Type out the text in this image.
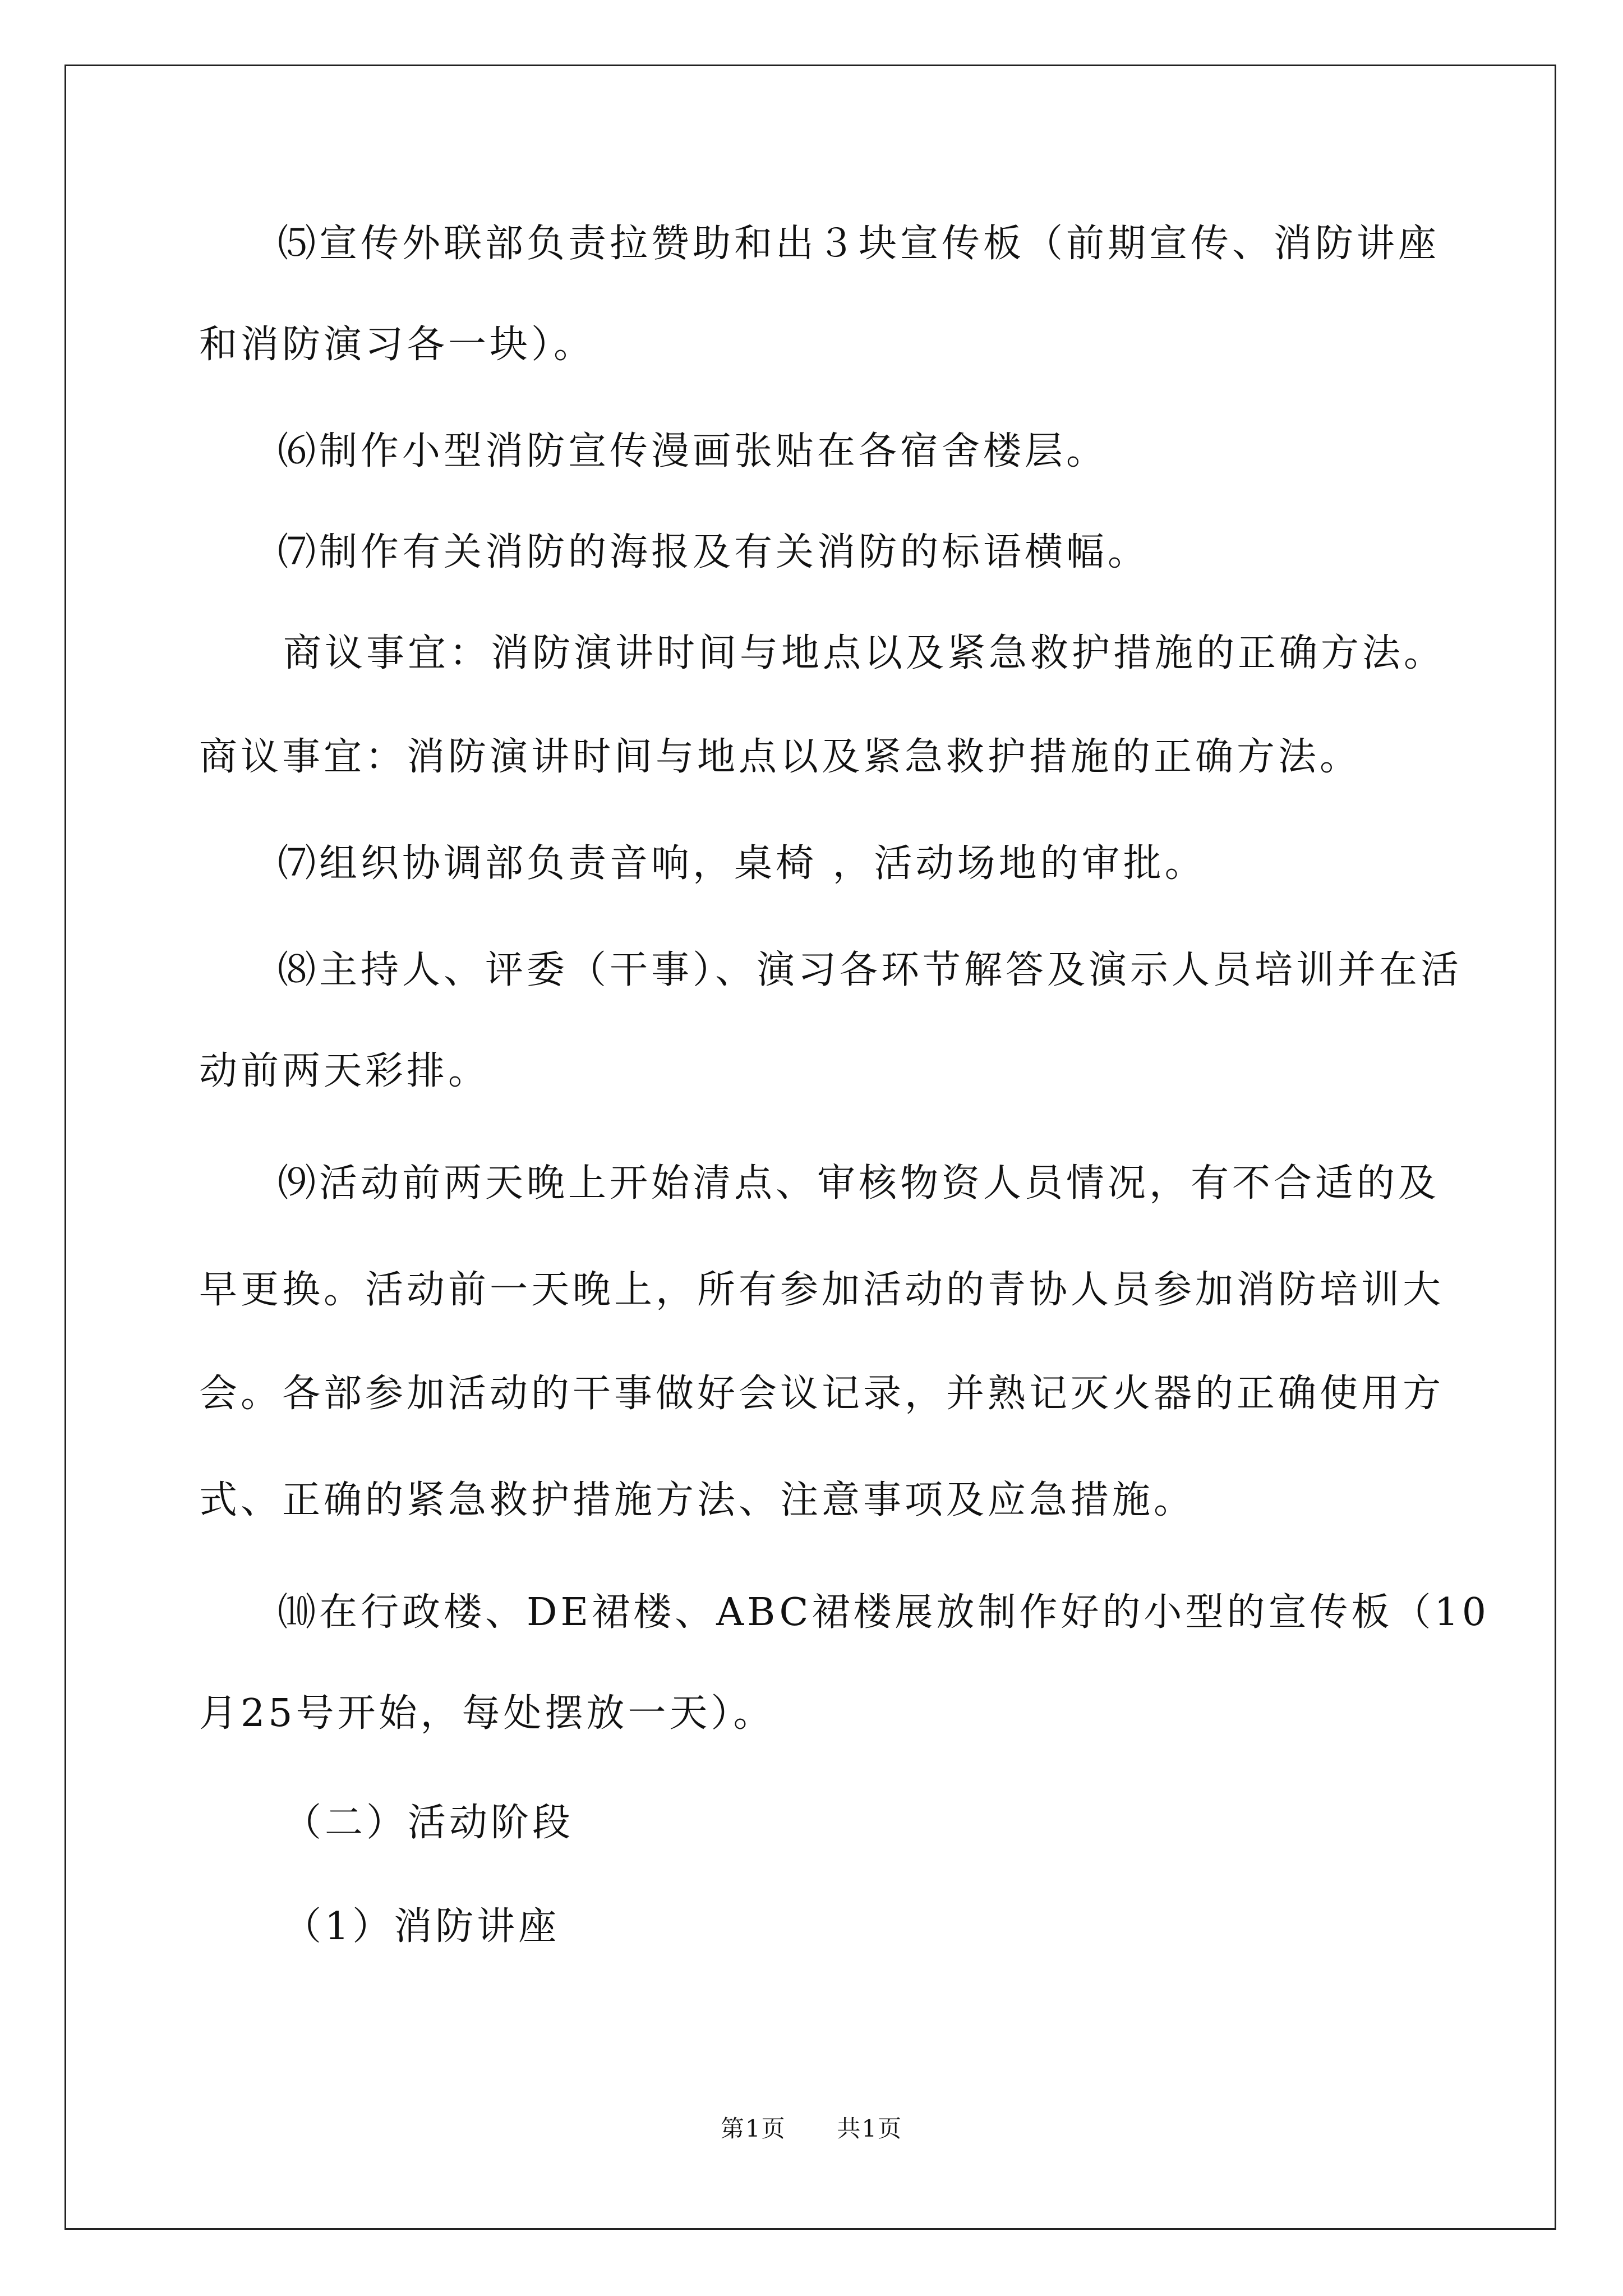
⑸宣传外联部负责拉赞助和出３块宣传板（前期宣传、消防讲座
和消防演习各一块）。
⑹制作小型消防宣传漫画张贴在各宿舍楼层。
⑺制作有关消防的海报及有关消防的标语横幅。
商议事宜：消防演讲时间与地点以及紧急救护措施的正确方法。
商议事宜：消防演讲时间与地点以及紧急救护措施的正确方法。
⑺组织协调部负责音响，桌椅 ，活动场地的审批。
⑻主持人、评委（干事）、演习各环节解答及演示人员培训并在活
动前两天彩排。
⑼活动前两天晚上开始清点、审核物资人员情况，有不合适的及
早更换。活动前一天晚上，所有参加活动的青协人员参加消防培训大
会。各部参加活动的干事做好会议记录，并熟记灭火器的正确使用方
式、正确的紧急救护措施方法、注意事项及应急措施。
⑽在行政楼、DE裙楼、ABC裙楼展放制作好的小型的宣传板（10
月25号开始，每处摆放一天）。
（二）活动阶段
（1）消防讲座
第1页 共1页
